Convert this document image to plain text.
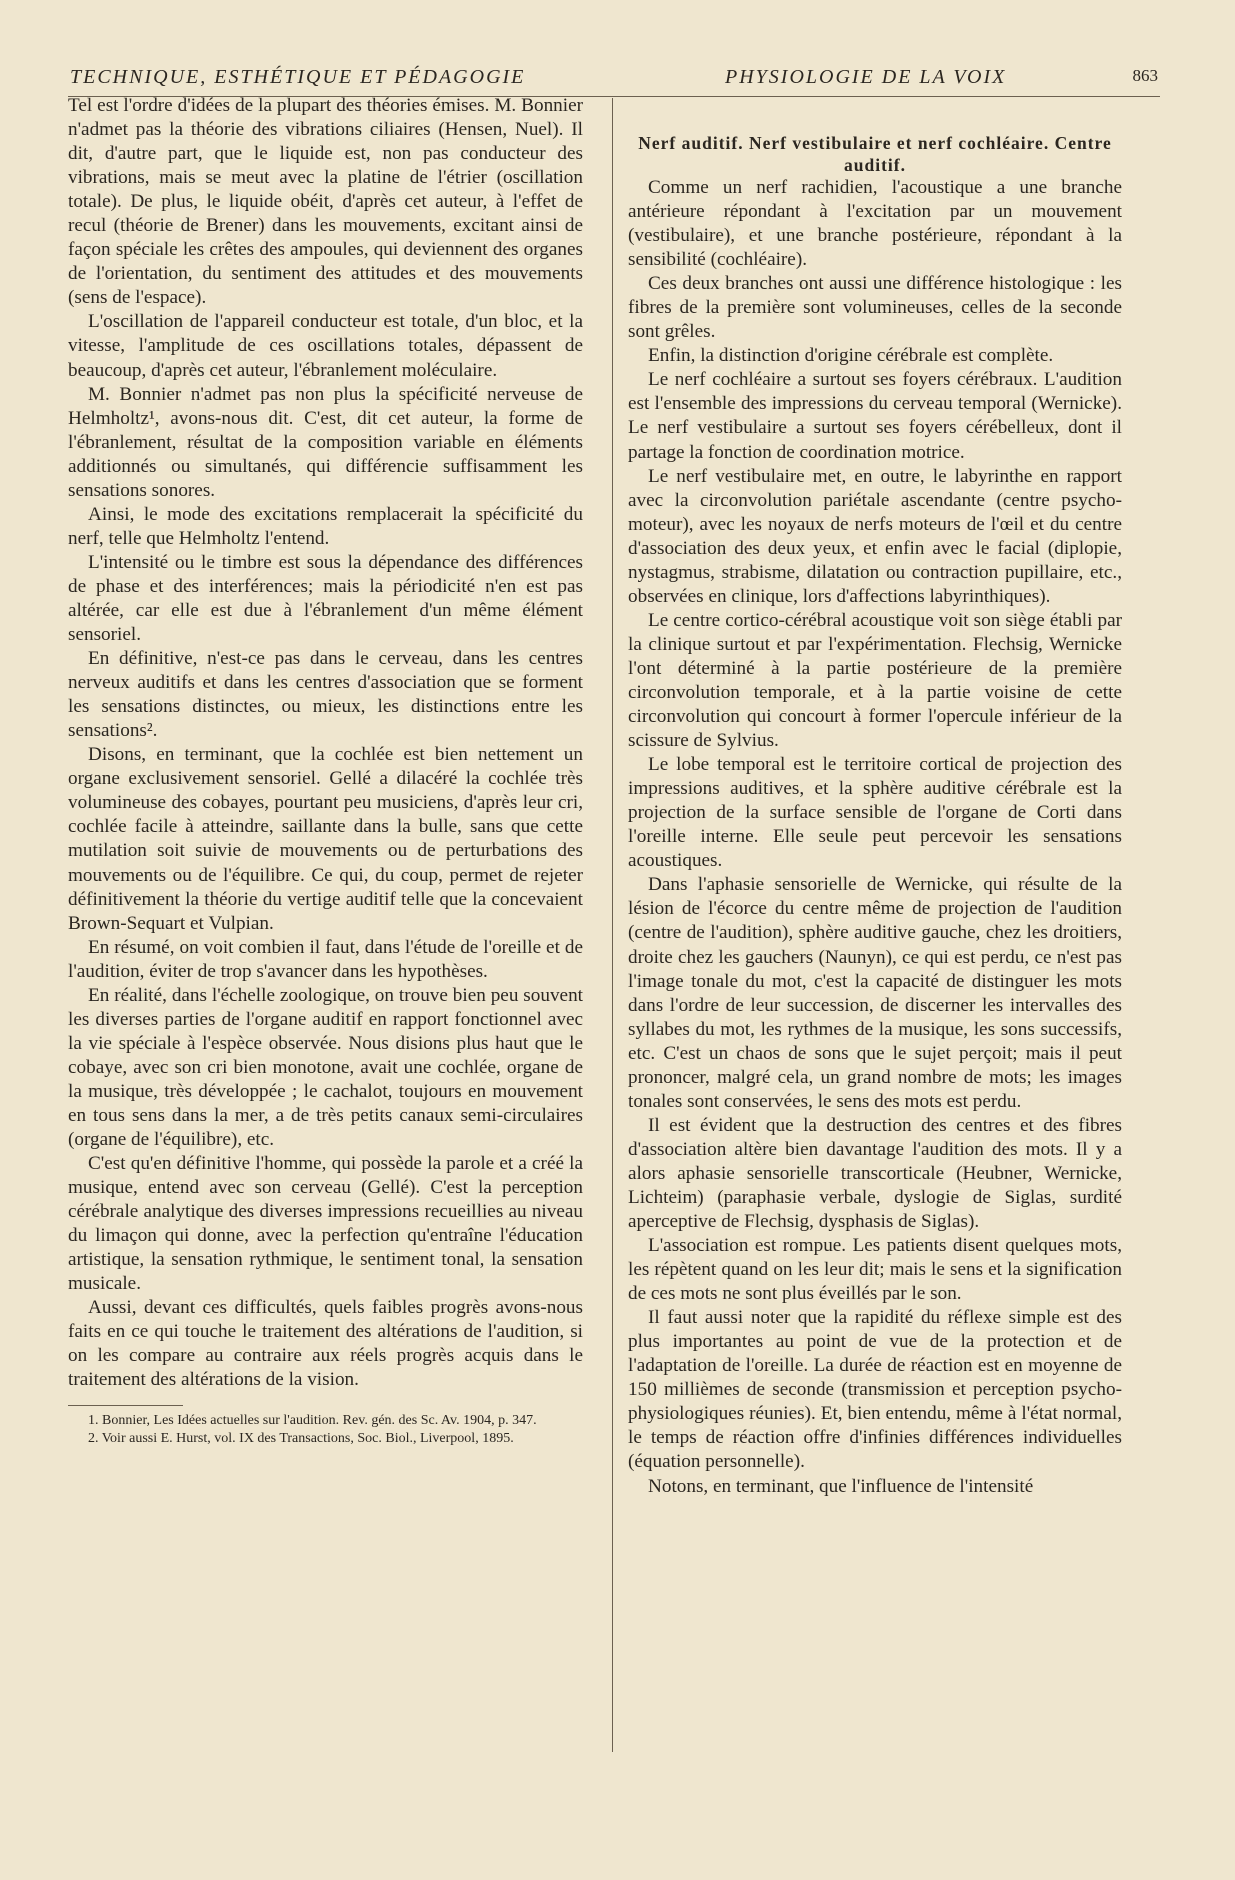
TECHNIQUE, ESTHÉTIQUE ET PÉDAGOGIE	PHYSIOLOGIE DE LA VOIX	863

Tel est l'ordre d'idées de la plupart des théories émises. M. Bonnier n'admet pas la théorie des vibrations ciliaires (Hensen, Nuel). Il dit, d'autre part, que le liquide est, non pas conducteur des vibrations, mais se meut avec la platine de l'étrier (oscillation totale). De plus, le liquide obéit, d'après cet auteur, à l'effet de recul (théorie de Brener) dans les mouvements, excitant ainsi de façon spéciale les crêtes des ampoules, qui deviennent des organes de l'orientation, du sentiment des attitudes et des mouvements (sens de l'espace).

L'oscillation de l'appareil conducteur est totale, d'un bloc, et la vitesse, l'amplitude de ces oscillations totales, dépassent de beaucoup, d'après cet auteur, l'ébranlement moléculaire.

M. Bonnier n'admet pas non plus la spécificité nerveuse de Helmholtz¹, avons-nous dit. C'est, dit cet auteur, la forme de l'ébranlement, résultat de la composition variable en éléments additionnés ou simultanés, qui différencie suffisamment les sensations sonores.

Ainsi, le mode des excitations remplacerait la spécificité du nerf, telle que Helmholtz l'entend.

L'intensité ou le timbre est sous la dépendance des différences de phase et des interférences; mais la périodicité n'en est pas altérée, car elle est due à l'ébranlement d'un même élément sensoriel.

En définitive, n'est-ce pas dans le cerveau, dans les centres nerveux auditifs et dans les centres d'association que se forment les sensations distinctes, ou mieux, les distinctions entre les sensations².

Disons, en terminant, que la cochlée est bien nettement un organe exclusivement sensoriel. Gellé a dilacéré la cochlée très volumineuse des cobayes, pourtant peu musiciens, d'après leur cri, cochlée facile à atteindre, saillante dans la bulle, sans que cette mutilation soit suivie de mouvements ou de perturbations des mouvements ou de l'équilibre. Ce qui, du coup, permet de rejeter définitivement la théorie du vertige auditif telle que la concevaient Brown-Sequart et Vulpian.

En résumé, on voit combien il faut, dans l'étude de l'oreille et de l'audition, éviter de trop s'avancer dans les hypothèses.

En réalité, dans l'échelle zoologique, on trouve bien peu souvent les diverses parties de l'organe auditif en rapport fonctionnel avec la vie spéciale à l'espèce observée. Nous disions plus haut que le cobaye, avec son cri bien monotone, avait une cochlée, organe de la musique, très développée ; le cachalot, toujours en mouvement en tous sens dans la mer, a de très petits canaux semi-circulaires (organe de l'équilibre), etc.

C'est qu'en définitive l'homme, qui possède la parole et a créé la musique, entend avec son cerveau (Gellé). C'est la perception cérébrale analytique des diverses impressions recueillies au niveau du limaçon qui donne, avec la perfection qu'entraîne l'éducation artistique, la sensation rythmique, le sentiment tonal, la sensation musicale.

Aussi, devant ces difficultés, quels faibles progrès avons-nous faits en ce qui touche le traitement des altérations de l'audition, si on les compare au contraire aux réels progrès acquis dans le traitement des altérations de la vision.

1. Bonnier, Les Idées actuelles sur l'audition. Rev. gén. des Sc. Av. 1904, p. 347.

2. Voir aussi E. Hurst, vol. IX des Transactions, Soc. Biol., Liverpool, 1895.

Nerf auditif. Nerf vestibulaire et nerf cochléaire. Centre auditif.

Comme un nerf rachidien, l'acoustique a une branche antérieure répondant à l'excitation par un mouvement (vestibulaire), et une branche postérieure, répondant à la sensibilité (cochléaire).

Ces deux branches ont aussi une différence histologique : les fibres de la première sont volumineuses, celles de la seconde sont grêles.

Enfin, la distinction d'origine cérébrale est complète.

Le nerf cochléaire a surtout ses foyers cérébraux. L'audition est l'ensemble des impressions du cerveau temporal (Wernicke). Le nerf vestibulaire a surtout ses foyers cérébelleux, dont il partage la fonction de coordination motrice.

Le nerf vestibulaire met, en outre, le labyrinthe en rapport avec la circonvolution pariétale ascendante (centre psycho-moteur), avec les noyaux de nerfs moteurs de l'œil et du centre d'association des deux yeux, et enfin avec le facial (diplopie, nystagmus, strabisme, dilatation ou contraction pupillaire, etc., observées en clinique, lors d'affections labyrinthiques).

Le centre cortico-cérébral acoustique voit son siège établi par la clinique surtout et par l'expérimentation. Flechsig, Wernicke l'ont déterminé à la partie postérieure de la première circonvolution temporale, et à la partie voisine de cette circonvolution qui concourt à former l'opercule inférieur de la scissure de Sylvius.

Le lobe temporal est le territoire cortical de projection des impressions auditives, et la sphère auditive cérébrale est la projection de la surface sensible de l'organe de Corti dans l'oreille interne. Elle seule peut percevoir les sensations acoustiques.

Dans l'aphasie sensorielle de Wernicke, qui résulte de la lésion de l'écorce du centre même de projection de l'audition (centre de l'audition), sphère auditive gauche, chez les droitiers, droite chez les gauchers (Naunyn), ce qui est perdu, ce n'est pas l'image tonale du mot, c'est la capacité de distinguer les mots dans l'ordre de leur succession, de discerner les intervalles des syllabes du mot, les rythmes de la musique, les sons successifs, etc. C'est un chaos de sons que le sujet perçoit; mais il peut prononcer, malgré cela, un grand nombre de mots; les images tonales sont conservées, le sens des mots est perdu.

Il est évident que la destruction des centres et des fibres d'association altère bien davantage l'audition des mots. Il y a alors aphasie sensorielle transcorticale (Heubner, Wernicke, Lichteim) (paraphasie verbale, dyslogie de Siglas, surdité aperceptive de Flechsig, dysphasis de Siglas).

L'association est rompue. Les patients disent quelques mots, les répètent quand on les leur dit; mais le sens et la signification de ces mots ne sont plus éveillés par le son.

Il faut aussi noter que la rapidité du réflexe simple est des plus importantes au point de vue de la protection et de l'adaptation de l'oreille. La durée de réaction est en moyenne de 150 millièmes de seconde (transmission et perception psycho-physiologiques réunies). Et, bien entendu, même à l'état normal, le temps de réaction offre d'infinies différences individuelles (équation personnelle).

Notons, en terminant, que l'influence de l'intensité
